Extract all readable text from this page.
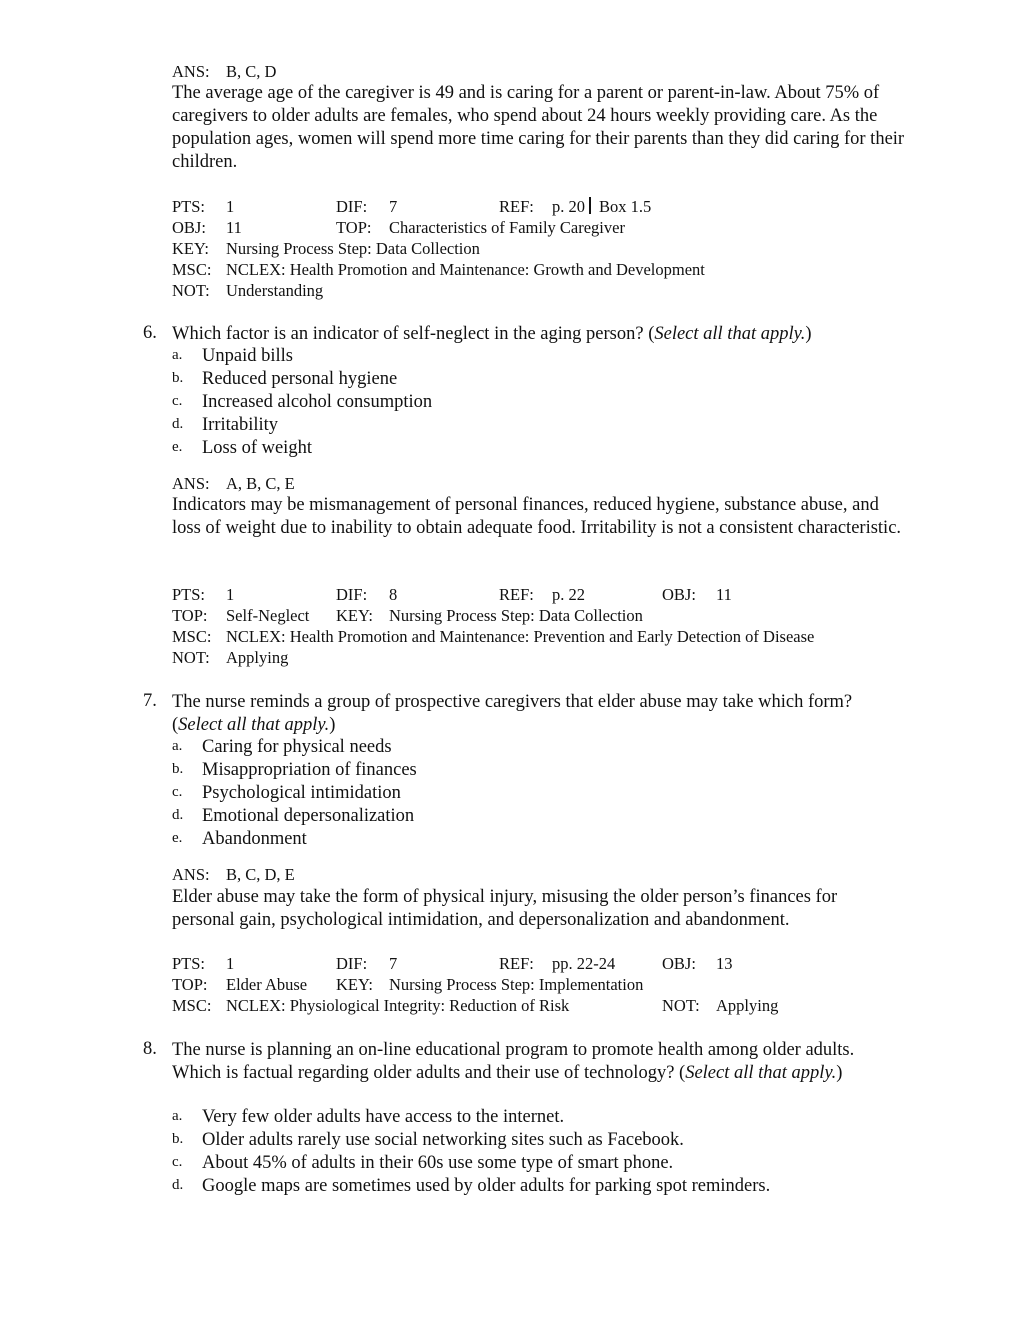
ANS: B, C, D
The average age of the caregiver is 49 and is caring for a parent or parent-in-law. About 75% of caregivers to older adults are females, who spend about 24 hours weekly providing care. As the population ages, women will spend more time caring for their parents than they did caring for their children.
PTS: 1	DIF: 7	REF: p. 20 Box 1.5
OBJ: 11	TOP: Characteristics of Family Caregiver
KEY: Nursing Process Step: Data Collection
MSC: NCLEX: Health Promotion and Maintenance: Growth and Development
NOT: Understanding
6. Which factor is an indicator of self-neglect in the aging person? (Select all that apply.)
a. Unpaid bills
b. Reduced personal hygiene
c. Increased alcohol consumption
d. Irritability
e. Loss of weight
ANS: A, B, C, E
Indicators may be mismanagement of personal finances, reduced hygiene, substance abuse, and loss of weight due to inability to obtain adequate food. Irritability is not a consistent characteristic.
PTS: 1	DIF: 8	REF: p. 22	OBJ: 11
TOP: Self-Neglect KEY: Nursing Process Step: Data Collection
MSC: NCLEX: Health Promotion and Maintenance: Prevention and Early Detection of Disease
NOT: Applying
7. The nurse reminds a group of prospective caregivers that elder abuse may take which form? (Select all that apply.)
a. Caring for physical needs
b. Misappropriation of finances
c. Psychological intimidation
d. Emotional depersonalization
e. Abandonment
ANS: B, C, D, E
Elder abuse may take the form of physical injury, misusing the older person’s finances for personal gain, psychological intimidation, and depersonalization and abandonment.
PTS: 1	DIF: 7	REF: pp. 22-24	OBJ: 13
TOP: Elder Abuse KEY: Nursing Process Step: Implementation
MSC: NCLEX: Physiological Integrity: Reduction of Risk	NOT: Applying
8. The nurse is planning an on-line educational program to promote health among older adults. Which is factual regarding older adults and their use of technology? (Select all that apply.)
a. Very few older adults have access to the internet.
b. Older adults rarely use social networking sites such as Facebook.
c. About 45% of adults in their 60s use some type of smart phone.
d. Google maps are sometimes used by older adults for parking spot reminders.
